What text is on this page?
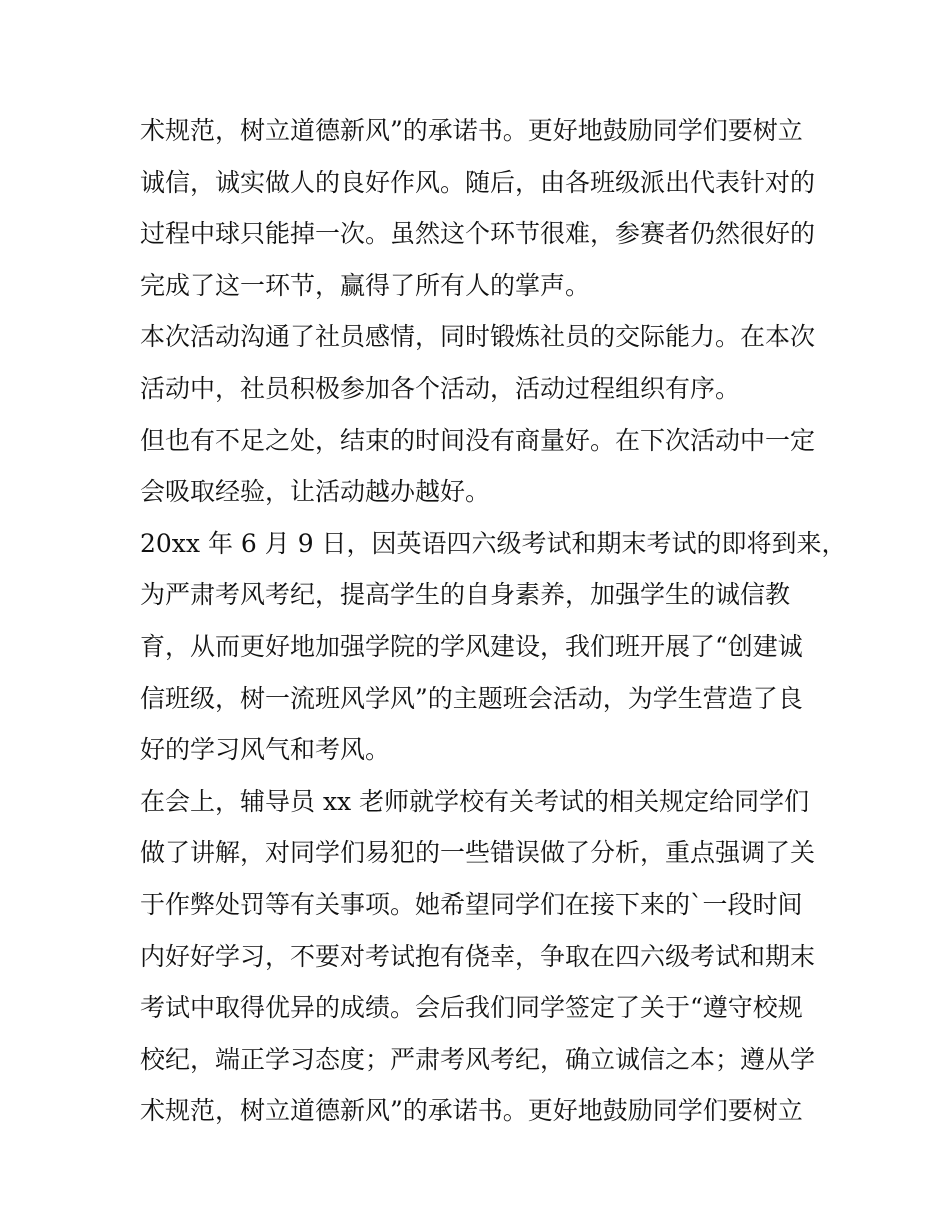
术规范，树立道德新风”的承诺书。更好地鼓励同学们要树立
诚信，诚实做人的良好作风。随后，由各班级派出代表针对的
过程中球只能掉一次。虽然这个环节很难，参赛者仍然很好的
完成了这一环节，赢得了所有人的掌声。
本次活动沟通了社员感情，同时锻炼社员的交际能力。在本次
活动中，社员积极参加各个活动，活动过程组织有序。
但也有不足之处，结束的时间没有商量好。在下次活动中一定
会吸取经验，让活动越办越好。
20xx 年 6 月 9 日，因英语四六级考试和期末考试的即将到来，
为严肃考风考纪，提高学生的自身素养，加强学生的诚信教
育，从而更好地加强学院的学风建设，我们班开展了“创建诚
信班级，树一流班风学风”的主题班会活动，为学生营造了良
好的学习风气和考风。
在会上，辅导员 xx 老师就学校有关考试的相关规定给同学们
做了讲解，对同学们易犯的一些错误做了分析，重点强调了关
于作弊处罚等有关事项。她希望同学们在接下来的`一段时间
内好好学习，不要对考试抱有侥幸，争取在四六级考试和期末
考试中取得优异的成绩。会后我们同学签定了关于“遵守校规
校纪，端正学习态度；严肃考风考纪，确立诚信之本；遵从学
术规范，树立道德新风”的承诺书。更好地鼓励同学们要树立
